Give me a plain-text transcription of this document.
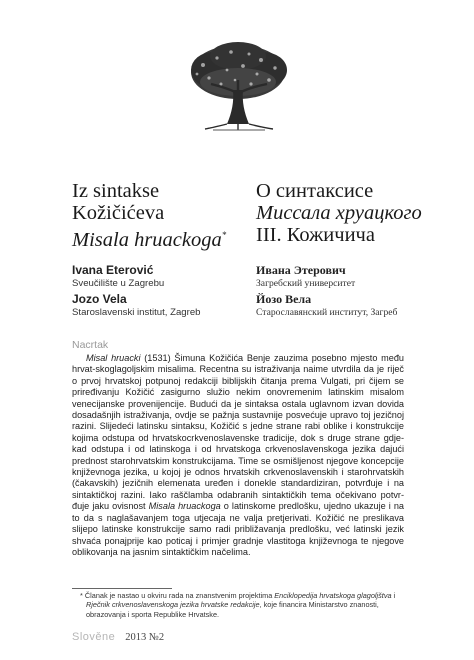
Iz sintakse
Kožičićeva
Misala hruackoga*
О синтаксисе
Миссала хруацкого
III. Кожичича
Ivana Eterović
Sveučilište u Zagrebu
Jozo Vela
Staroslavenski institut, Zagreb
Ивана Этерович
Загребский университет
Йозо Вела
Старославянский институт, Загреб
Nacrtak

Misal hruacki (1531) Šimuna Kožičića Benje zauzima posebno mjesto među hrvat-skoglagoljskim misalima. Recentna su istraživanja naime utvrdila da je riječ o prvoj hrvatskoj potpunoj redakciji biblijskih čitanja prema Vulgati, pri čijem se priređivanju Kožičić zasigurno služio nekim onovremenim latinskim misalom venecijanske provenijencije. Budući da je sintaksa ostala uglavnom izvan dovida dosadašnjih istraživanja, ovdje se pažnja sustavnije posvećuje upravo toj jezičnoj razini. Slijedeći latinsku sintaksu, Kožičić s jedne strane rabi oblike i konstrukcije kojima odstupa od hrvatskocrkvenoslavenske tradicije, dok s druge strane gdje-kad odstupa i od latinskoga i od hrvatskoga crkvenoslavenskoga jezika dajući prednost starohrvatskim konstrukcijama. Time se osmišljenost njegove koncepcije književnoga jezika, u kojoj je odnos hrvatskih crkvenoslavenskih i starohrvatskih (čakavskih) jezičnih elemenata uređen i donekle standardiziran, potvrđuje i na sintaktičkoj razini. Iako raščlamba odabranih sintaktičkih tema očekivano potvr-đuje jaku ovisnost Misala hruackoga o latinskome predlošku, ujedno ukazuje i na to da s naglašavanjem toga utjecaja ne valja pretjerivati. Kožičić ne preslikava slijepo latinske konstrukcije samo radi približavanja predlošku, već latinski jezik shvaća ponajprije kao poticaj i primjer gradnje vlastitoga književnoga te njegove oblikovanja na jasnim sintaktičkim načelima.

* Članak je nastao u okviru rada na znanstvenim projektima Enciklopedija hrvatskoga glagoljštva i Rječnik crkvenoslavenskoga jezika hrvatske redakcije, koje financira Ministarstvo znanosti, obrazovanja i sporta Republike Hrvatske.
Slověne 2013 №2
